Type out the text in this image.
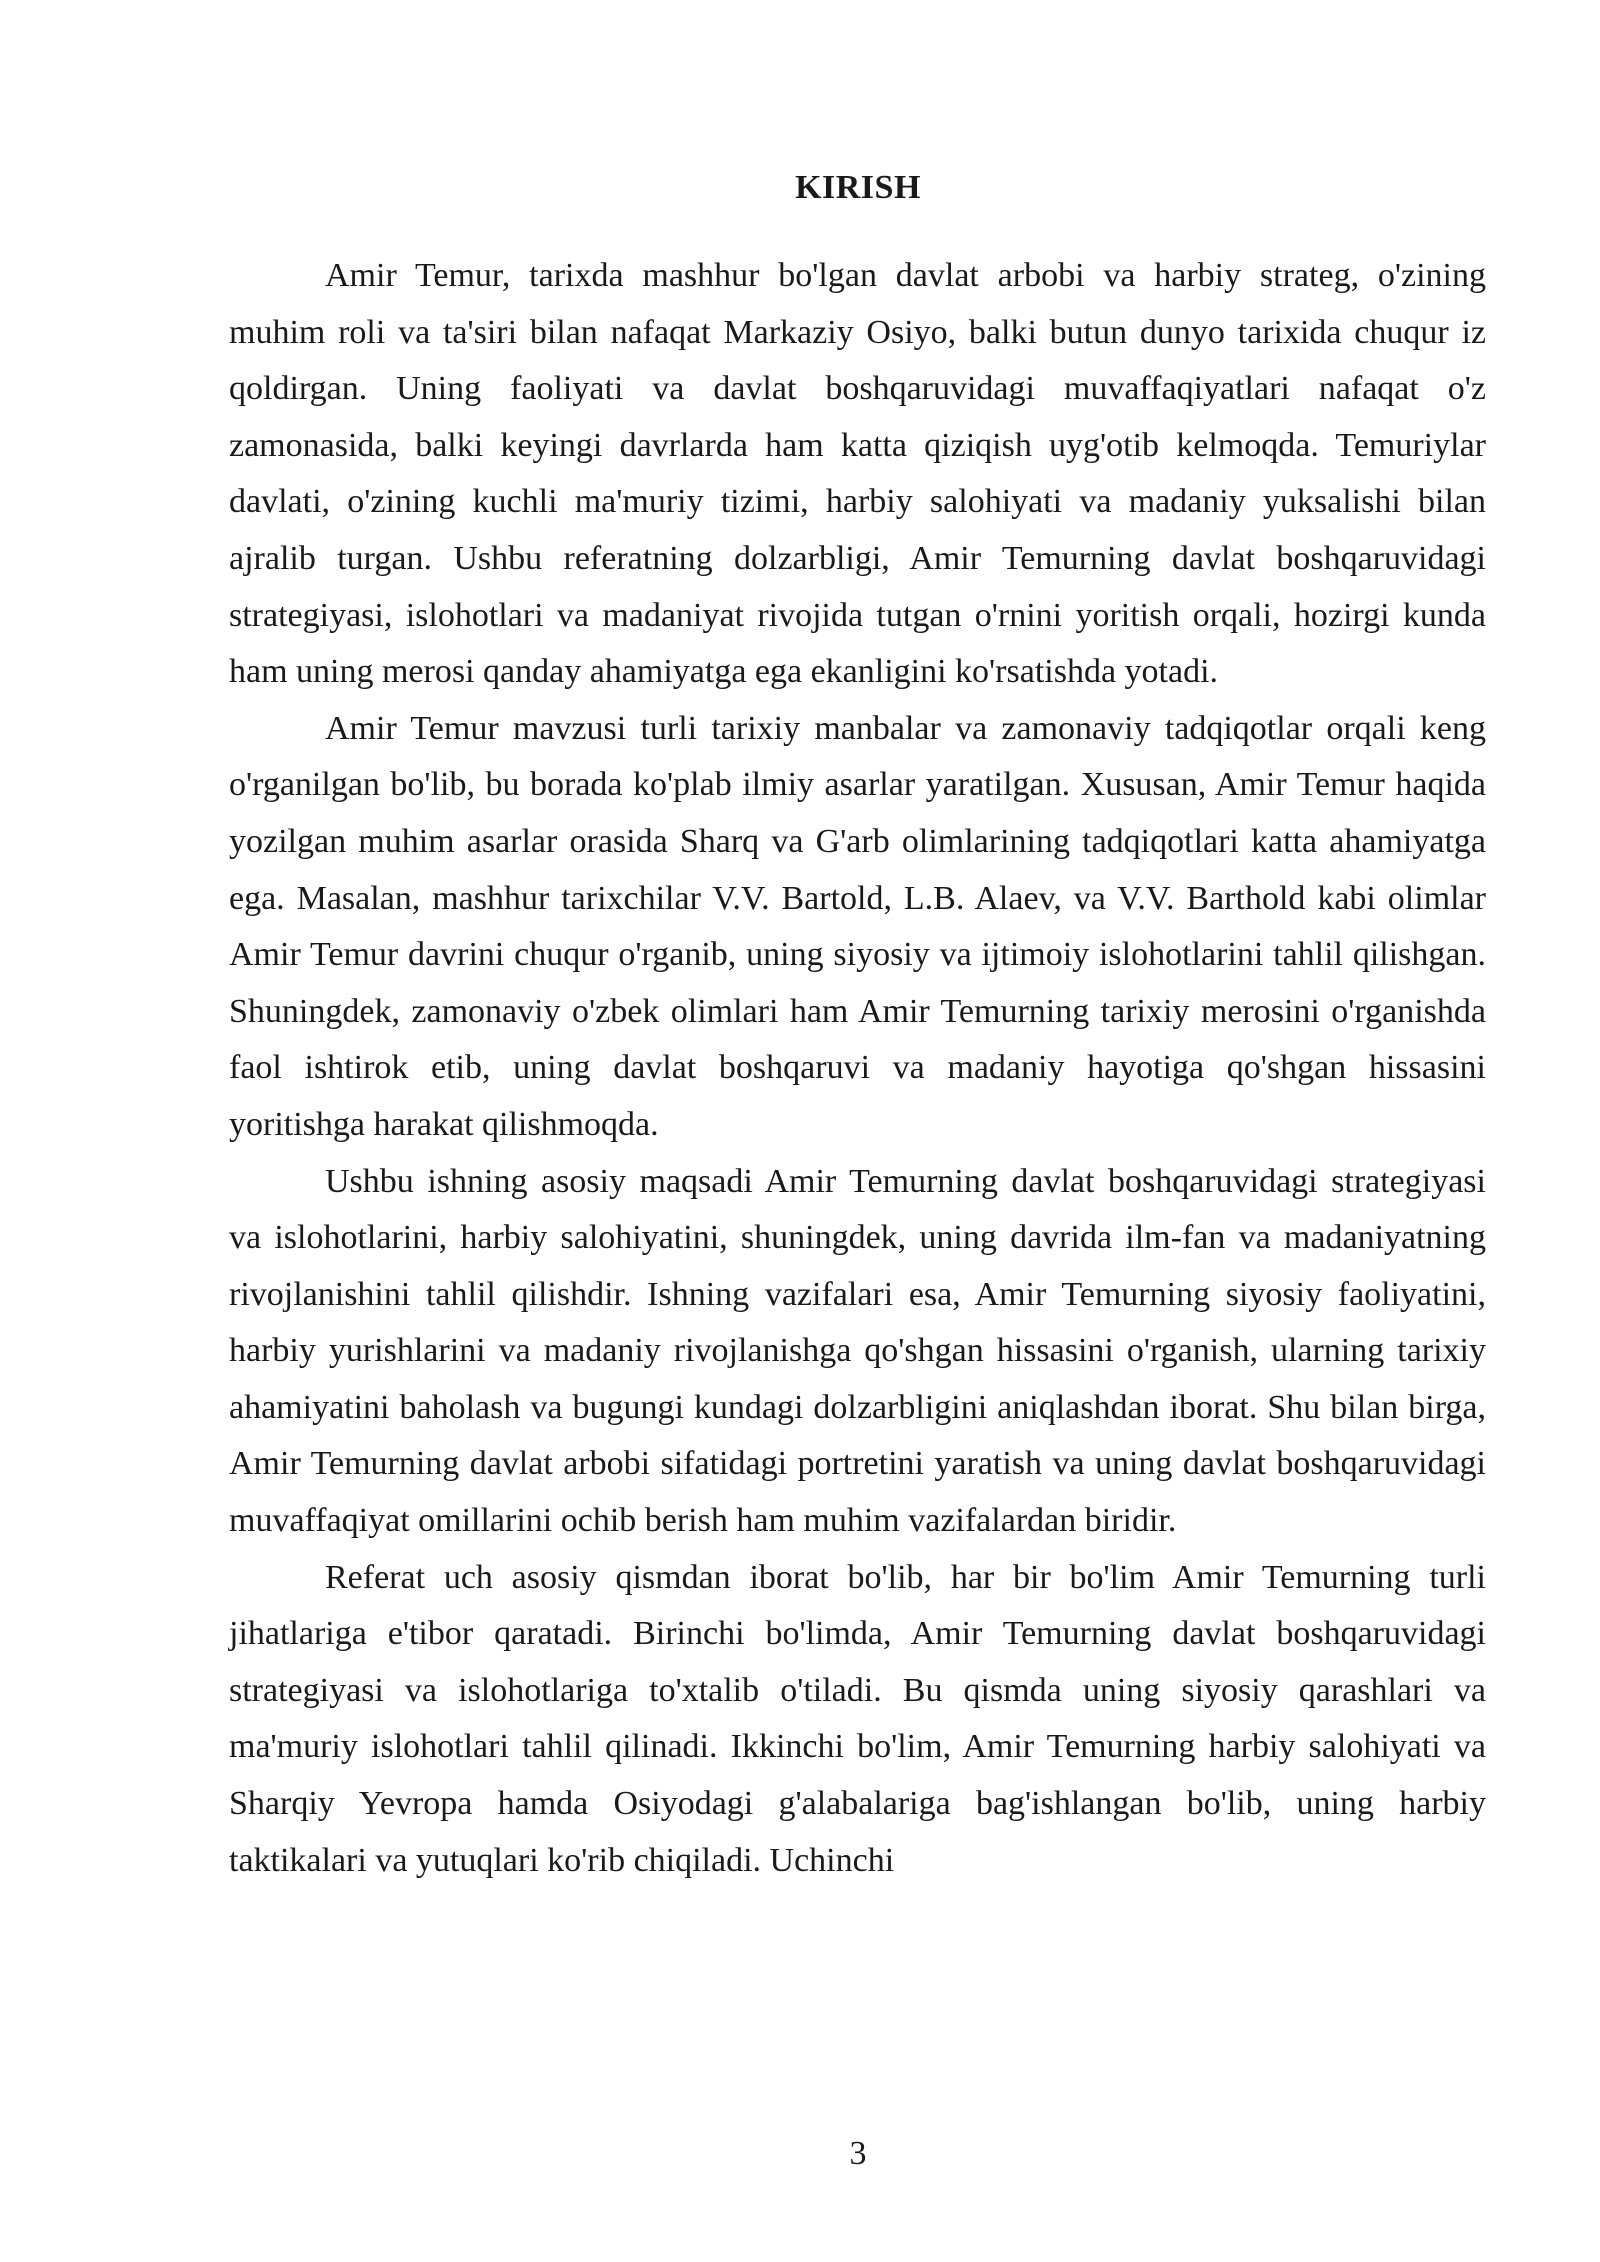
KIRISH

Amir Temur, tarixda mashhur bo'lgan davlat arbobi va harbiy strateg, o'zining muhim roli va ta'siri bilan nafaqat Markaziy Osiyo, balki butun dunyo tarixida chuqur iz qoldirgan. Uning faoliyati va davlat boshqaruvidagi muvaffaqiyatlari nafaqat o'z zamonasida, balki keyingi davrlarda ham katta qiziqish uyg'otib kelmoqda. Temuriylar davlati, o'zining kuchli ma'muriy tizimi, harbiy salohiyati va madaniy yuksalishi bilan ajralib turgan. Ushbu referatning dolzarbligi, Amir Temurning davlat boshqaruvidagi strategiyasi, islohotlari va madaniyat rivojida tutgan o'rnini yoritish orqali, hozirgi kunda ham uning merosi qanday ahamiyatga ega ekanligini ko'rsatishda yotadi.

Amir Temur mavzusi turli tarixiy manbalar va zamonaviy tadqiqotlar orqali keng o'rganilgan bo'lib, bu borada ko'plab ilmiy asarlar yaratilgan. Xususan, Amir Temur haqida yozilgan muhim asarlar orasida Sharq va G'arb olimlarining tadqiqotlari katta ahamiyatga ega. Masalan, mashhur tarixchilar V.V. Bartold, L.B. Alaev, va V.V. Barthold kabi olimlar Amir Temur davrini chuqur o'rganib, uning siyosiy va ijtimoiy islohotlarini tahlil qilishgan. Shuningdek, zamonaviy o'zbek olimlari ham Amir Temurning tarixiy merosini o'rganishda faol ishtirok etib, uning davlat boshqaruvi va madaniy hayotiga qo'shgan hissasini yoritishga harakat qilishmoqda.

Ushbu ishning asosiy maqsadi Amir Temurning davlat boshqaruvidagi strategiyasi va islohotlarini, harbiy salohiyatini, shuningdek, uning davrida ilm-fan va madaniyatning rivojlanishini tahlil qilishdir. Ishning vazifalari esa, Amir Temurning siyosiy faoliyatini, harbiy yurishlarini va madaniy rivojlanishga qo'shgan hissasini o'rganish, ularning tarixiy ahamiyatini baholash va bugungi kundagi dolzarbligini aniqlashdan iborat. Shu bilan birga, Amir Temurning davlat arbobi sifatidagi portretini yaratish va uning davlat boshqaruvidagi muvaffaqiyat omillarini ochib berish ham muhim vazifalardan biridir.

Referat uch asosiy qismdan iborat bo'lib, har bir bo'lim Amir Temurning turli jihatlariga e'tibor qaratadi. Birinchi bo'limda, Amir Temurning davlat boshqaruvidagi strategiyasi va islohotlariga to'xtalib o'tiladi. Bu qismda uning siyosiy qarashlari va ma'muriy islohotlari tahlil qilinadi. Ikkinchi bo'lim, Amir Temurning harbiy salohiyati va Sharqiy Yevropa hamda Osiyodagi g'alabalariga bag'ishlangan bo'lib, uning harbiy taktikalari va yutuqlari ko'rib chiqiladi. Uchinchi

3
